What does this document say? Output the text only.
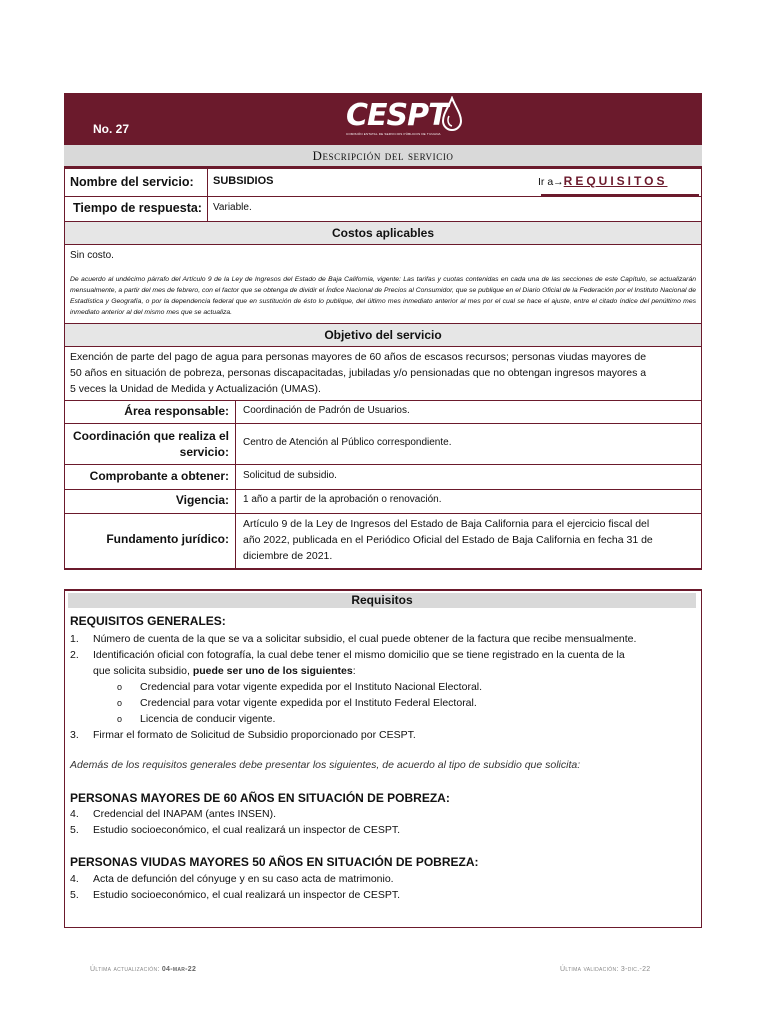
No. 27	CESPT
COMISIÓN ESTATAL DE SERVICIOS PÚBLICOS DE TIJUANA
Descripción del servicio
Nombre del servicio: SUBSIDIOS	Ir a→REQUISITOS
Tiempo de respuesta: Variable.
Costos aplicables
Sin costo.
De acuerdo al undécimo párrafo del Artículo 9 de la Ley de Ingresos del Estado de Baja California, vigente: Las tarifas y cuotas contenidas en cada una de las secciones de este Capítulo, se actualizarán mensualmente, a partir del mes de febrero, con el factor que se obtenga de dividir el Índice Nacional de Precios al Consumidor, que se publique en el Diario Oficial de la Federación por el Instituto Nacional de Estadística y Geografía, o por la dependencia federal que en sustitución de ésto lo publique, del último mes inmediato anterior al mes por el cual se hace el ajuste, entre el citado índice del penúltimo mes inmediato anterior al del mismo mes que se actualiza.
Objetivo del servicio
Exención de parte del pago de agua para personas mayores de 60 años de escasos recursos; personas viudas mayores de
50 años en situación de pobreza, personas discapacitadas, jubiladas y/o pensionadas que no obtengan ingresos mayores a
5 veces la Unidad de Medida y Actualización (UMAS).
Área responsable: Coordinación de Padrón de Usuarios.
Coordinación que realiza el
servicio:
Centro de Atención al Público correspondiente.
Comprobante a obtener: Solicitud de subsidio.
Vigencia: 1 año a partir de la aprobación o renovación.
Fundamento jurídico:
Artículo 9 de la Ley de Ingresos del Estado de Baja California para el ejercicio fiscal del
año 2022, publicada en el Periódico Oficial del Estado de Baja California en fecha 31 de
diciembre de 2021.
Requisitos
REQUISITOS GENERALES:
1. Número de cuenta de la que se va a solicitar subsidio, el cual puede obtener de la factura que recibe mensualmente.
2. Identificación oficial con fotografía, la cual debe tener el mismo domicilio que se tiene registrado en la cuenta de la
que solicita subsidio, puede ser uno de los siguientes:
o Credencial para votar vigente expedida por el Instituto Nacional Electoral.
o Credencial para votar vigente expedida por el Instituto Federal Electoral.
o Licencia de conducir vigente.
3. Firmar el formato de Solicitud de Subsidio proporcionado por CESPT.
Además de los requisitos generales debe presentar los siguientes, de acuerdo al tipo de subsidio que solicita:
PERSONAS MAYORES DE 60 AÑOS EN SITUACIÓN DE POBREZA:
4. Credencial del INAPAM (antes INSEN).
5. Estudio socioeconómico, el cual realizará un inspector de CESPT.
PERSONAS VIUDAS MAYORES 50 AÑOS EN SITUACIÓN DE POBREZA:
4. Acta de defunción del cónyuge y en su caso acta de matrimonio.
5. Estudio socioeconómico, el cual realizará un inspector de CESPT.
Última actualización: 04-mar-22	Última validación: 3-dic.-22
